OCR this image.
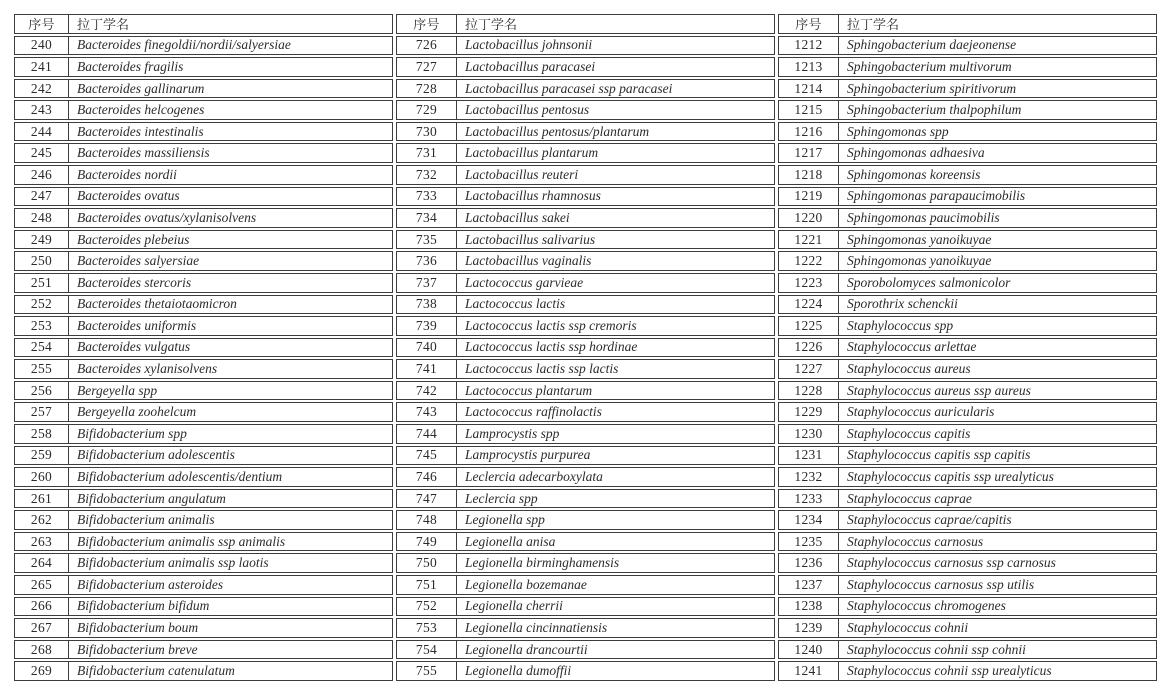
序号	拉丁学名
240	Bacteroides finegoldii/nordii/salyersiae
241	Bacteroides fragilis
242	Bacteroides gallinarum
243	Bacteroides helcogenes
244	Bacteroides intestinalis
245	Bacteroides massiliensis
246	Bacteroides nordii
247	Bacteroides ovatus
248	Bacteroides ovatus/xylanisolvens
249	Bacteroides plebeius
250	Bacteroides salyersiae
251	Bacteroides stercoris
252	Bacteroides thetaiotaomicron
253	Bacteroides uniformis
254	Bacteroides vulgatus
255	Bacteroides xylanisolvens
256	Bergeyella spp
257	Bergeyella zoohelcum
258	Bifidobacterium spp
259	Bifidobacterium adolescentis
260	Bifidobacterium adolescentis/dentium
261	Bifidobacterium angulatum
262	Bifidobacterium animalis
263	Bifidobacterium animalis ssp animalis
264	Bifidobacterium animalis ssp laotis
265	Bifidobacterium asteroides
266	Bifidobacterium bifidum
267	Bifidobacterium boum
268	Bifidobacterium breve
269	Bifidobacterium catenulatum
序号	拉丁学名
726	Lactobacillus johnsonii
727	Lactobacillus paracasei
728	Lactobacillus paracasei ssp paracasei
729	Lactobacillus pentosus
730	Lactobacillus pentosus/plantarum
731	Lactobacillus plantarum
732	Lactobacillus reuteri
733	Lactobacillus rhamnosus
734	Lactobacillus sakei
735	Lactobacillus salivarius
736	Lactobacillus vaginalis
737	Lactococcus garvieae
738	Lactococcus lactis
739	Lactococcus lactis ssp cremoris
740	Lactococcus lactis ssp hordinae
741	Lactococcus lactis ssp lactis
742	Lactococcus plantarum
743	Lactococcus raffinolactis
744	Lamprocystis spp
745	Lamprocystis purpurea
746	Leclercia adecarboxylata
747	Leclercia spp
748	Legionella spp
749	Legionella anisa
750	Legionella birminghamensis
751	Legionella bozemanae
752	Legionella cherrii
753	Legionella cincinnatiensis
754	Legionella drancourtii
755	Legionella dumoffii
序号	拉丁学名
1212	Sphingobacterium daejeonense
1213	Sphingobacterium multivorum
1214	Sphingobacterium spiritivorum
1215	Sphingobacterium thalpophilum
1216	Sphingomonas spp
1217	Sphingomonas adhaesiva
1218	Sphingomonas koreensis
1219	Sphingomonas parapaucimobilis
1220	Sphingomonas paucimobilis
1221	Sphingomonas yanoikuyae
1222	Sphingomonas yanoikuyae
1223	Sporobolomyces salmonicolor
1224	Sporothrix schenckii
1225	Staphylococcus spp
1226	Staphylococcus arlettae
1227	Staphylococcus aureus
1228	Staphylococcus aureus ssp aureus
1229	Staphylococcus auricularis
1230	Staphylococcus capitis
1231	Staphylococcus capitis ssp capitis
1232	Staphylococcus capitis ssp urealyticus
1233	Staphylococcus caprae
1234	Staphylococcus caprae/capitis
1235	Staphylococcus carnosus
1236	Staphylococcus carnosus ssp carnosus
1237	Staphylococcus carnosus ssp utilis
1238	Staphylococcus chromogenes
1239	Staphylococcus cohnii
1240	Staphylococcus cohnii ssp cohnii
1241	Staphylococcus cohnii ssp urealyticus
